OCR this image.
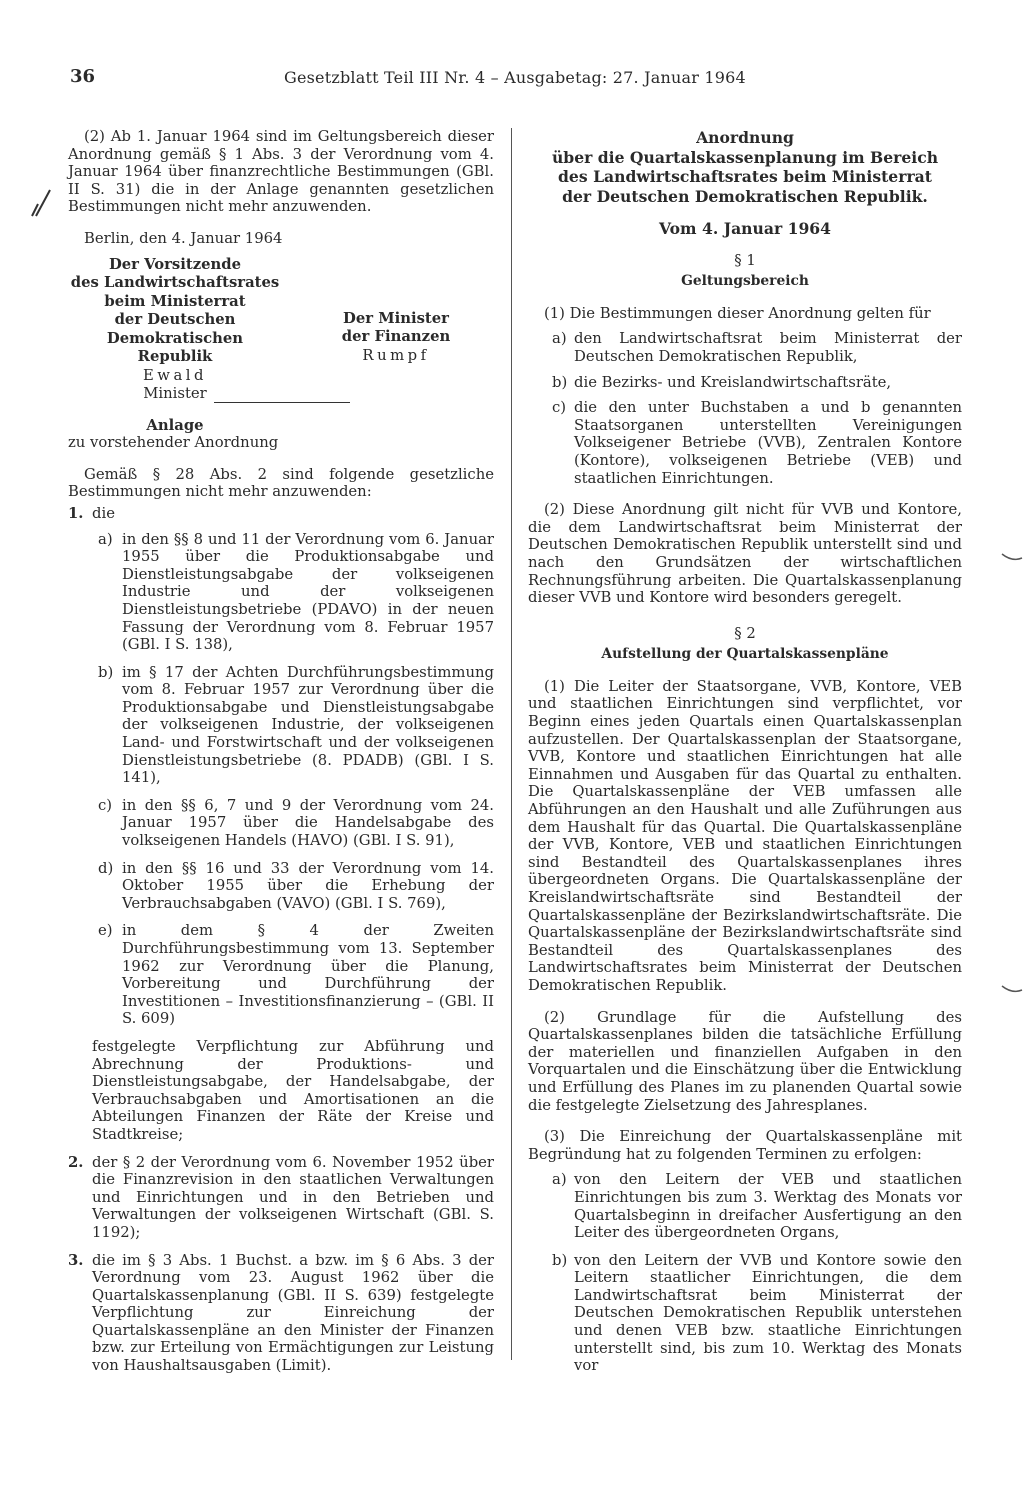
36	Gesetzblatt Teil III Nr. 4 – Ausgabetag: 27. Januar 1964

(2) Ab 1. Januar 1964 sind im Geltungsbereich dieser Anordnung gemäß § 1 Abs. 3 der Verordnung vom 4. Januar 1964 über finanzrechtliche Bestimmungen (GBl. II S. 31) die in der Anlage genannten gesetzlichen Bestimmungen nicht mehr anzuwenden.

Berlin, den 4. Januar 1964

Der Vorsitzende
des Landwirtschaftsrates
beim Ministerrat
der Deutschen
Demokratischen Republik
Ewald
Minister
Der Minister
der Finanzen
Rumpf

Anlage

zu vorstehender Anordnung

Gemäß § 28 Abs. 2 sind folgende gesetzliche Bestimmungen nicht mehr anzuwenden:

1. die
a) in den §§ 8 und 11 der Verordnung vom 6. Januar 1955 über die Produktionsabgabe und Dienstleistungsabgabe der volkseigenen Industrie und der volkseigenen Dienstleistungsbetriebe (PDAVO) in der neuen Fassung der Verordnung vom 8. Februar 1957 (GBl. I S. 138),
b) im § 17 der Achten Durchführungsbestimmung vom 8. Februar 1957 zur Verordnung über die Produktionsabgabe und Dienstleistungsabgabe der volkseigenen Industrie, der volkseigenen Land- und Forstwirtschaft und der volkseigenen Dienstleistungsbetriebe (8. PDADB) (GBl. I S. 141),
c) in den §§ 6, 7 und 9 der Verordnung vom 24. Januar 1957 über die Handelsabgabe des volkseigenen Handels (HAVO) (GBl. I S. 91),
d) in den §§ 16 und 33 der Verordnung vom 14. Oktober 1955 über die Erhebung der Verbrauchsabgaben (VAVO) (GBl. I S. 769),
e) in dem § 4 der Zweiten Durchführungsbestimmung vom 13. September 1962 zur Verordnung über die Planung, Vorbereitung und Durchführung der Investitionen – Investitionsfinanzierung – (GBl. II S. 609)

festgelegte Verpflichtung zur Abführung und Abrechnung der Produktions- und Dienstleistungsabgabe, der Handelsabgabe, der Verbrauchsabgaben und Amortisationen an die Abteilungen Finanzen der Räte der Kreise und Stadtkreise;

2. der § 2 der Verordnung vom 6. November 1952 über die Finanzrevision in den staatlichen Verwaltungen und Einrichtungen und in den Betrieben und Verwaltungen der volkseigenen Wirtschaft (GBl. S. 1192);
3. die im § 3 Abs. 1 Buchst. a bzw. im § 6 Abs. 3 der Verordnung vom 23. August 1962 über die Quartalskassenplanung (GBl. II S. 639) festgelegte Verpflichtung zur Einreichung der Quartalskassenpläne an den Minister der Finanzen bzw. zur Erteilung von Ermächtigungen zur Leistung von Haushaltsausgaben (Limit).
Anordnung
über die Quartalskassenplanung im Bereich
des Landwirtschaftsrates beim Ministerrat
der Deutschen Demokratischen Republik.

Vom 4. Januar 1964

§ 1

Geltungsbereich

(1) Die Bestimmungen dieser Anordnung gelten für

a) den Landwirtschaftsrat beim Ministerrat der Deutschen Demokratischen Republik,
b) die Bezirks- und Kreislandwirtschaftsräte,
c) die den unter Buchstaben a und b genannten Staatsorganen unterstellten Vereinigungen Volkseigener Betriebe (VVB), Zentralen Kontore (Kontore), volkseigenen Betriebe (VEB) und staatlichen Einrichtungen.

(2) Diese Anordnung gilt nicht für VVB und Kontore, die dem Landwirtschaftsrat beim Ministerrat der Deutschen Demokratischen Republik unterstellt sind und nach den Grundsätzen der wirtschaftlichen Rechnungsführung arbeiten. Die Quartalskassenplanung dieser VVB und Kontore wird besonders geregelt.

§ 2

Aufstellung der Quartalskassenpläne

(1) Die Leiter der Staatsorgane, VVB, Kontore, VEB und staatlichen Einrichtungen sind verpflichtet, vor Beginn eines jeden Quartals einen Quartalskassenplan aufzustellen. Der Quartalskassenplan der Staatsorgane, VVB, Kontore und staatlichen Einrichtungen hat alle Einnahmen und Ausgaben für das Quartal zu enthalten. Die Quartalskassenpläne der VEB umfassen alle Abführungen an den Haushalt und alle Zuführungen aus dem Haushalt für das Quartal. Die Quartalskassenpläne der VVB, Kontore, VEB und staatlichen Einrichtungen sind Bestandteil des Quartalskassenplanes ihres übergeordneten Organs. Die Quartalskassenpläne der Kreislandwirtschaftsräte sind Bestandteil der Quartalskassenpläne der Bezirkslandwirtschaftsräte. Die Quartalskassenpläne der Bezirkslandwirtschaftsräte sind Bestandteil des Quartalskassenplanes des Landwirtschaftsrates beim Ministerrat der Deutschen Demokratischen Republik.

(2) Grundlage für die Aufstellung des Quartalskassenplanes bilden die tatsächliche Erfüllung der materiellen und finanziellen Aufgaben in den Vorquartalen und die Einschätzung über die Entwicklung und Erfüllung des Planes im zu planenden Quartal sowie die festgelegte Zielsetzung des Jahresplanes.

(3) Die Einreichung der Quartalskassenpläne mit Begründung hat zu folgenden Terminen zu erfolgen:

a) von den Leitern der VEB und staatlichen Einrichtungen bis zum 3. Werktag des Monats vor Quartalsbeginn in dreifacher Ausfertigung an den Leiter des übergeordneten Organs,
b) von den Leitern der VVB und Kontore sowie den Leitern staatlicher Einrichtungen, die dem Landwirtschaftsrat beim Ministerrat der Deutschen Demokratischen Republik unterstehen und denen VEB bzw. staatliche Einrichtungen unterstellt sind, bis zum 10. Werktag des Monats vor
